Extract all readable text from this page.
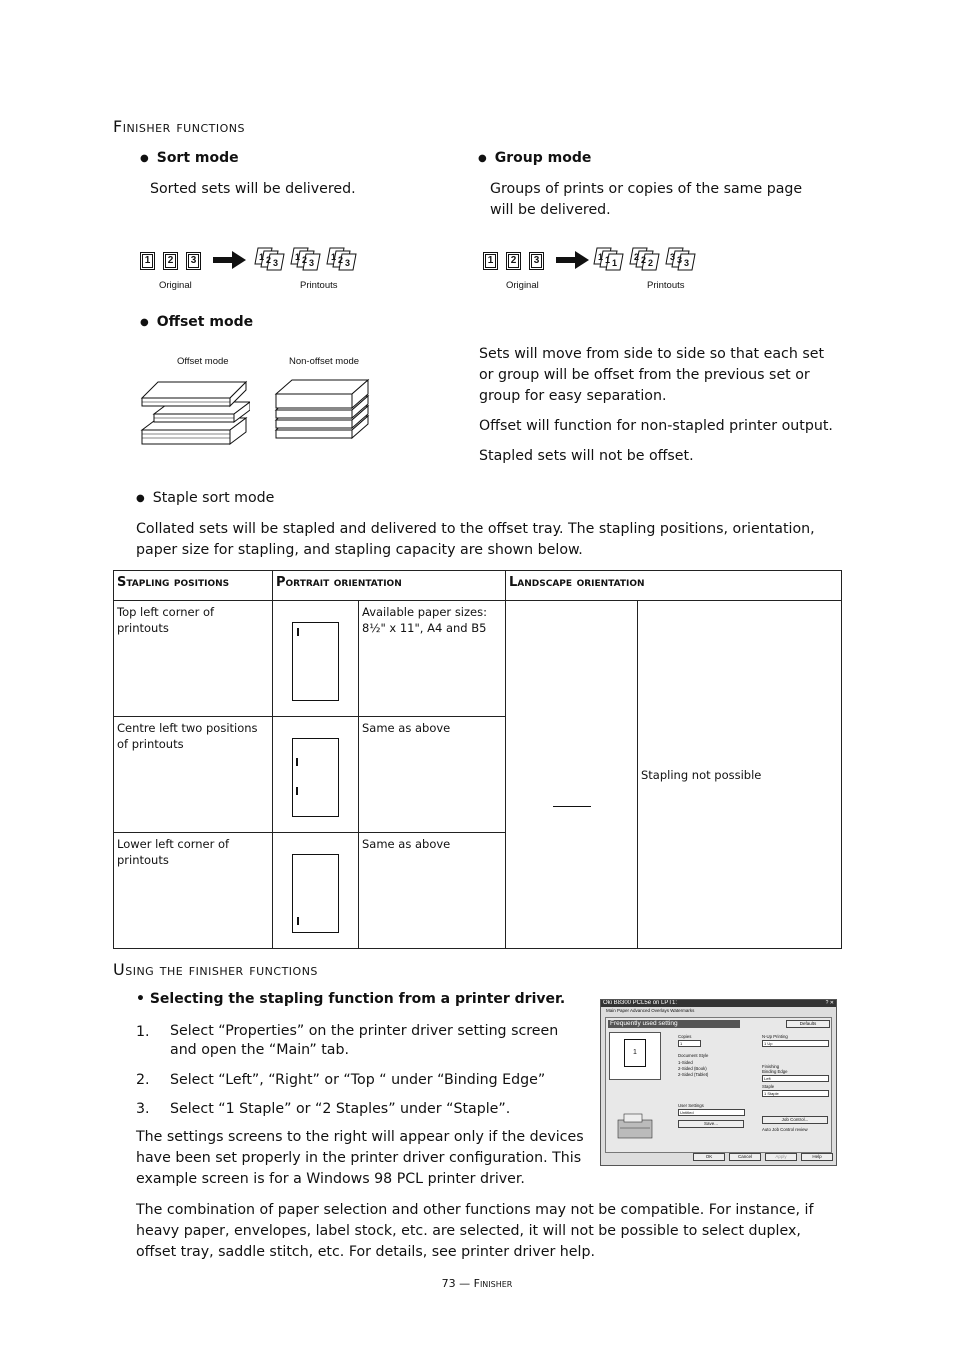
Finisher functions
● Sort mode
Sorted sets will be delivered.
● Group mode
Groups of prints or copies of the same page
will be delivered.
1 2 3	1 2 3
1 2 3
1 2 3
Original	Printouts
1 2 3	1 1 1
2 2 2
3 3 3
Original	Printouts
● Offset mode
Offset mode	Non-offset mode	Sets will move from side to side so that each set or group will be offset from the previous set or group for easy separation.
Offset will function for non-stapled printer output.
Stapled sets will not be offset.
● Staple sort mode
Collated sets will be stapled and delivered to the offset tray. The stapling positions, orientation, paper size for stapling, and stapling capacity are shown below.
Stapling positions	Portrait orientation		Landscape orientation	
Top left corner of printouts		Available paper sizes: 8½" x 11", A4 and B5		Stapling not possible
Centre left two positions of printouts		Same as above		
Lower left corner of printouts		Same as above		
Using the finisher functions
• Selecting the stapling function from a printer driver.
1. Select “Properties” on the printer driver setting screen and open the “Main” tab.
2. Select “Left”, “Right” or “Top “ under “Binding Edge”
3. Select “1 Staple” or “2 Staples” under “Staple”.
The settings screens to the right will appear only if the devices have been set properly in the printer driver configuration. This example screen is for a Windows 98 PCL printer driver.
The combination of paper selection and other functions may not be compatible. For instance, if heavy paper, envelopes, label stock, etc. are selected, it will not be possible to select duplex, offset tray, saddle stitch, etc. For details, see printer driver help.
Oki B8300 PCL5e on LPT1:	? ✕
Main Paper Advanced Overlays Watermarks
Frequently used setting	Defaults
1
Copies
1
Document Style
1-Sided
2-Sided (Book)
2-Sided (Tablet)
User Settings
Untitled
Save...
N-Up Printing
1 Up
Finishing
Binding Edge
Left
Staple
1 Staple
Job Control...
Auto Job Control review
OK	Cancel	Apply	Help
73 — Finisher
